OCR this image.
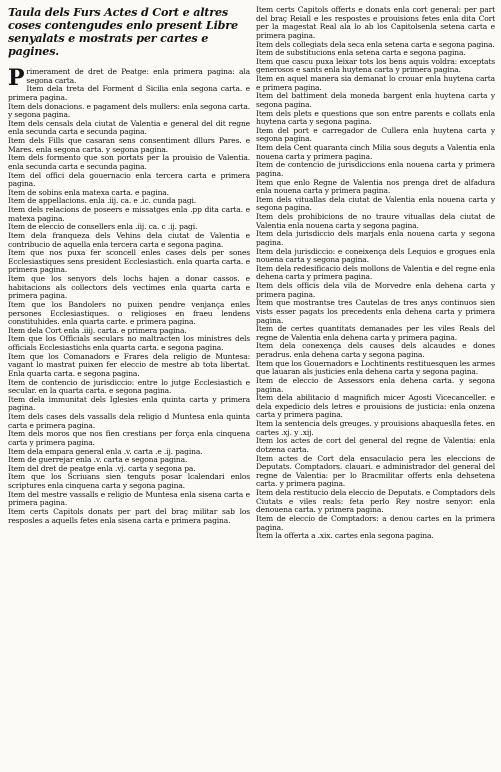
Taula dels Furs Actes d Cort e altres coses contengudes enlo present Libre senyalats e mostrats per cartes e pagines.

Primerament de dret de Peatge: enla primera pagina: ala segona carta.

Item dela treta del Forment d Sicilia enla segona carta. e primera pagina.

Item dels donacions. e pagament dels mullers: enla segona carta. y segona pagina.

Item dels censals dela ciutat de Valentia e general del dit regne enla secunda carta e secunda pagina.

Item dels Fills que casaran sens consentiment dllurs Pares. e Mares. enla segona carta. y segona pagina.

Item dels formento que son portats per la prouisio de Valentia. enla secunda carta e secunda pagina.

Item del offici dela gouernacio enla tercera carta e primera pagina.

Item de sobins enla matexa carta. e pagina.

Item de appellacions. enla .iij. ca. e .ic. cunda pagi.

Item dels relacions de poseers e missatges enla .pp dita carta. e matexa pagina.

Item de eleccio de consellers enla .iij. ca. c .ij. pagi.

Item dela franqueza dels Vehins dela ciutat de Valentia e contribucio de aquella enla tercera carta e segona pagina.

Item que nos puxa fer sconcell enles cases dels per sones Ecclesiastiques sens president Ecclesiastich. enla quarta carta. e primera pagina.

Item que los senyors dels lochs hajen a donar cassos. e habitacions als collectors dels vectimes enla quarta carta e primera pagina.

Item que los Bandolers no puixen pendre venjança enles persones Ecclesiastiques. o religioses en fraeu lendens constituhides. enla quarta carte. e primera pagina.

Item dela Cort enla .iiij. carta. e primera pagina.

Item que los Officials seculars no maltracten los ministres dels officials Ecclesiastichs enla quarta carta. e segona pagina.

Item que los Comanadors e Frares dela religio de Muntesa: vagant lo mastrat puixen fer eleccio de mestre ab tota libertat. Enla quarta carta. e segona pagina.

Item de contencio de jurisdiccio: entre lo jutge Ecclesiastich e secular. en la quarta carta. e segona pagina.

Item dela immunitat dels Iglesies enla quinta carta y primera pagina.

Item dels cases dels vassalls dela religio d Muntesa enla quinta carta e primera pagina.

Item dels moros que nos fien crestians per força enla cinquena carta y primera pagina.

Item dela empara general enla .v. carta .e .ij. pagina.

Item de guerrejar enla .v. carta e segona pagina.

Item del dret de peatge enla .vj. carta y segona pa.

Item que los Scriuans sien tenguts posar lcalendari enlos scriptures enla cinquena carta y segona pagina.

Item del mestre vassalls e religio de Muntesa enla sisena carta e primera pagina.

Item certs Capitols donats per part del braç militar sab los resposles a aquells fetes enla sisena carta e primera pagina.

Item certs Capitols offerts e donats enla cort general: per part del braç Reiall e les respostes e prouisions fetes enla dita Cort per la magestat Real ala lo ab los Capitolsenla setena carta e primera pagina.

Item dels collegiats dela seca enla setena carta e segona pagina.

Item de substitucions enla setena carta e segona pagina.

Item que cascu puxa leixar tots los bens aquis voldra: exceptats generosos e sants enla huytena carta y primera pagina.

Item en aquel manera sia demanat lo crouar enla huytena carta e primera pagina.

Item del battiment dela moneda bargent enla huytena carta y segona pagina.

Item dels plets e questions que son entre parents e collats enla huytena carta y segona pagina.

Item del port e carregador de Cullera enla huytena carta y segona pagina.

Item dela Cent quaranta cinch Milia sous deguts a Valentia enla nouena carta y primera pagina.

Item de contencio de jurisdiccions enla nouena carta y primera pagina.

Item que enlo Regne de Valentia nos prenga dret de alfadura enla nouena carta y primera pagina.

Item dels vituallas dela ciutat de Valentia enla nouena carta y segona pagina.

Item dels prohibicions de no traure vituallas dela ciutat de Valentia enla nouena carta y segona pagina.

Item dela jurisdiccio dels marjals enla nouena carta y segona pagina.

Item dela jurisdiccio: e coneixença dels Lequios e grogues enla nouena carta y segona pagina.

Item dela redesificacio dels mollons de Valentia e del regne enla dehena carta y primera pagina.

Item dels officis dela vila de Morvedre enla dehena carta y primera pagina.

Item que mostrantse tres Cautelas de tres anys continuos sien vists esser pagats los precedents enla dehena carta y primera pagina.

Item de certes quantitats demanades per les viles Reals del regne de Valentia enla dehena carta y primera pagina.

Item dela conexença dels causes dels alcaudes e dones peradrus. enla dehena carta y segona pagina.

Item que los Gouernadors e Lochtinents restituesquen les armes que lauaran als justicies enla dehena carta y segona pagina.

Item de eleccio de Assessors enla dehena carta. y segona pagina.

Item dela abilitacio d magnifich micer Agosti Vicecanceller. e dela expedicio dels letres e prouisions de justicia: enla onzena carta y primera pagina.

Item la sentencia dels greuges. y prouisions abaqueslla fetes. en cartes .xj. y .xij.

Item los actes de cort del general del regne de Valentia: enla dotzena carta.

Item actes de Cort dela ensaculacio pera les eleccions de Deputats. Comptadors. clauari. e administrador del general del regne de Valentia: per lo Bracmilitar offerts enla dehsetena carta. y primera pagina.

Item dela restitucio dela eleccio de Deputats. e Comptadors dels Ciutats e viles reals: feta perlo Rey nostre senyor: enla denouena carta. y primera pagina.

Item de eleccio de Comptadors: a denou cartes en la primera pagina.

Item la offerta a .xix. cartes enla segona pagina.
